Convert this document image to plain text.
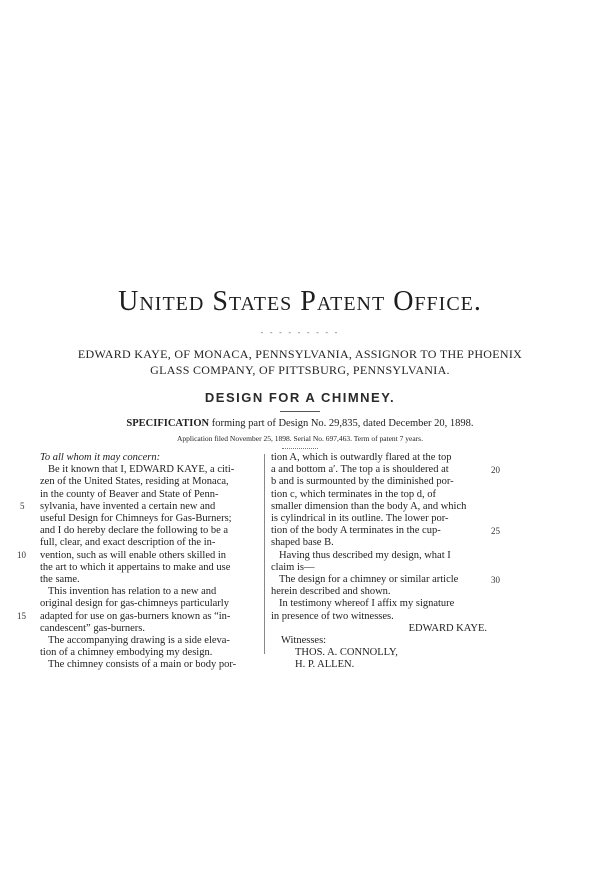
United States Patent Office.
- - - - - - - - -
EDWARD KAYE, OF MONACA, PENNSYLVANIA, ASSIGNOR TO THE PHOENIX
GLASS COMPANY, OF PITTSBURG, PENNSYLVANIA.
DESIGN FOR A CHIMNEY.
SPECIFICATION forming part of Design No. 29,835, dated December 20, 1898.
Application filed November 25, 1898. Serial No. 697,463. Term of patent 7 years.
To all whom it may concern:
Be it known that I, EDWARD KAYE, a citi-
zen of the United States, residing at Monaca,
in the county of Beaver and State of Penn-
sylvania, have invented a certain new and
useful Design for Chimneys for Gas-Burners;
and I do hereby declare the following to be a
full, clear, and exact description of the in-
vention, such as will enable others skilled in
the art to which it appertains to make and use
the same.
This invention has relation to a new and
original design for gas-chimneys particularly
adapted for use on gas-burners known as “in-
candescent” gas-burners.
The accompanying drawing is a side eleva-
tion of a chimney embodying my design.
The chimney consists of a main or body por-
tion A, which is outwardly flared at the top
a and bottom a′. The top a is shouldered at
b and is surmounted by the diminished por-
tion c, which terminates in the top d, of
smaller dimension than the body A, and which
is cylindrical in its outline. The lower por-
tion of the body A terminates in the cup-
shaped base B.
Having thus described my design, what I
claim is—
The design for a chimney or similar article
herein described and shown.
In testimony whereof I affix my signature
in presence of two witnesses.
EDWARD KAYE.
Witnesses:
THOS. A. CONNOLLY,
H. P. ALLEN.
5
10
15
20
25
30
